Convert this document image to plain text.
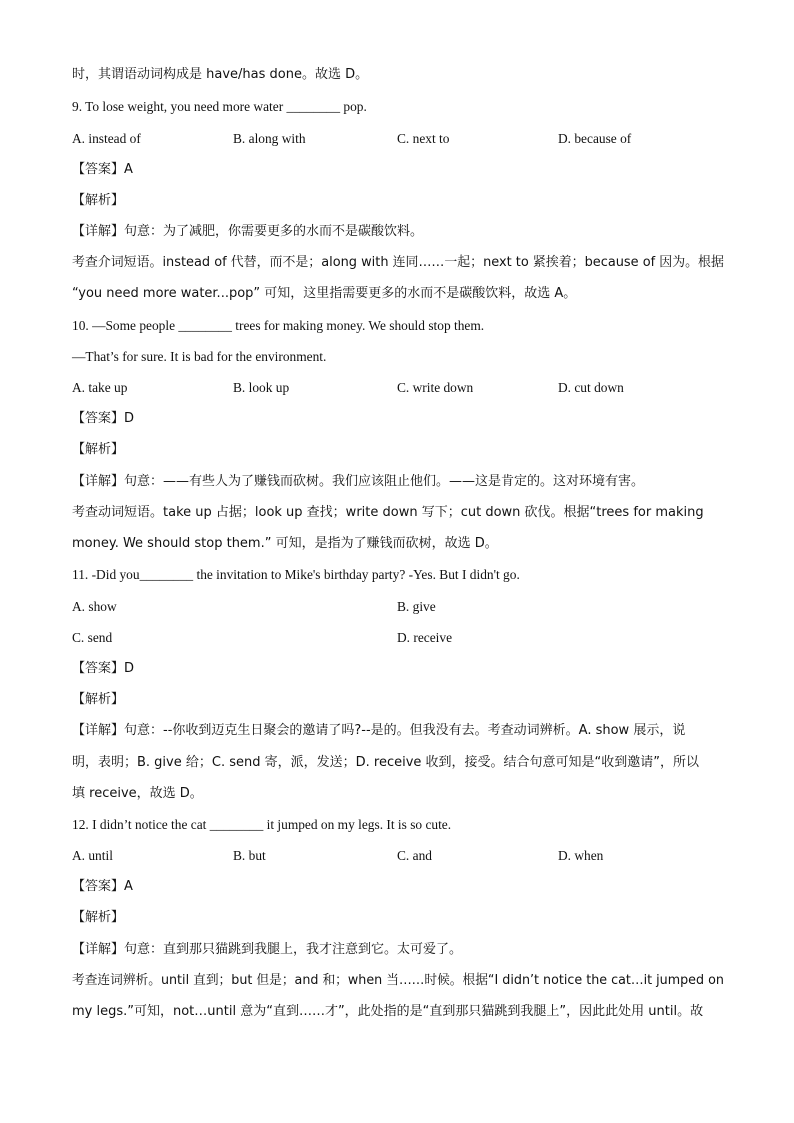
时，其谓语动词构成是 have/has done。故选 D。
9. To lose weight, you need more water ________ pop.
A. instead of	B. along with	C. next to	D. because of
【答案】A
【解析】
【详解】句意：为了减肥，你需要更多的水而不是碳酸饮料。
考查介词短语。instead of 代替，而不是；along with 连同……一起；next to 紧挨着；because of 因为。根据
“you need more water...pop” 可知，这里指需要更多的水而不是碳酸饮料，故选 A。
10. —Some people ________ trees for making money. We should stop them.
—That’s for sure. It is bad for the environment.
A. take up	B. look up	C. write down	D. cut down
【答案】D
【解析】
【详解】句意：——有些人为了赚钱而砍树。我们应该阻止他们。——这是肯定的。这对环境有害。
考查动词短语。take up 占据；look up 查找；write down 写下；cut down 砍伐。根据“trees for making
money. We should stop them.” 可知，是指为了赚钱而砍树，故选 D。
11. -Did you________ the invitation to Mike's birthday party? -Yes. But I didn't go.
A. show	B. give
C. send	D. receive
【答案】D
【解析】
【详解】句意：--你收到迈克生日聚会的邀请了吗?--是的。但我没有去。考查动词辨析。A. show 展示，说
明，表明；B. give 给；C. send 寄，派，发送；D. receive 收到，接受。结合句意可知是“收到邀请”，所以
填 receive，故选 D。
12. I didn’t notice the cat ________ it jumped on my legs. It is so cute.
A. until	B. but	C. and	D. when
【答案】A
【解析】
【详解】句意：直到那只猫跳到我腿上，我才注意到它。太可爱了。
考查连词辨析。until 直到；but 但是；and 和；when 当……时候。根据“I didn’t notice the cat…it jumped on
my legs.”可知，not…until 意为“直到……才”，此处指的是“直到那只猫跳到我腿上”，因此此处用 until。故
